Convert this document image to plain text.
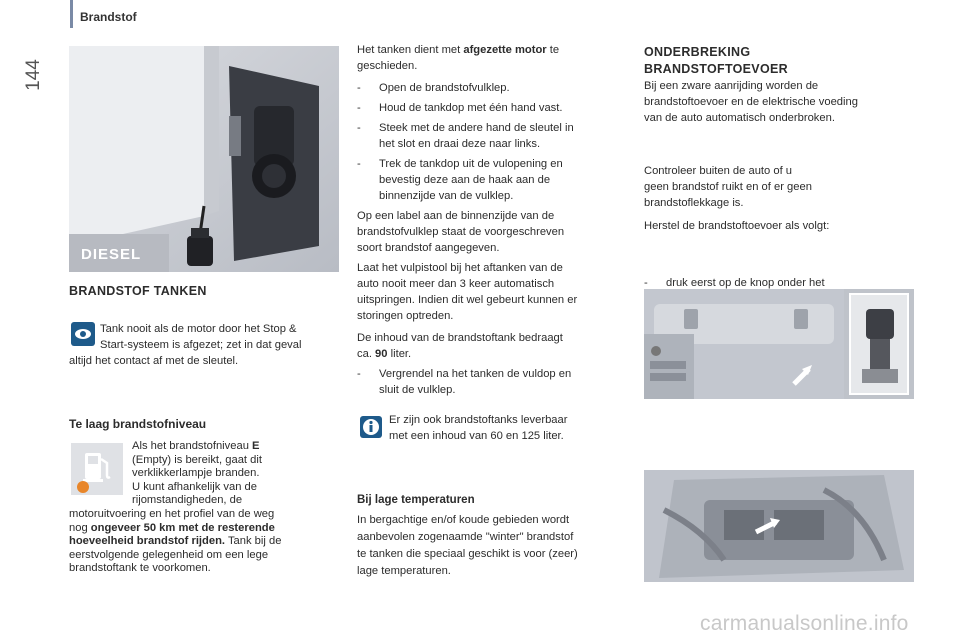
144
Brandstof
DIESEL
BRANDSTOF TANKEN
Tank nooit als de motor door het Stop &
Start-systeem is afgezet; zet in dat geval
altijd het contact af met de sleutel.
Te laag brandstofniveau
Als het brandstofniveau E
(Empty) is bereikt, gaat dit
verklikkerlampje branden.
U kunt afhankelijk van de
rijomstandigheden, de
motoruitvoering en het profiel van de weg
nog ongeveer 50 km met de resterende
hoeveelheid brandstof rijden. Tank bij de
eerstvolgende gelegenheid om een lege
brandstoftank te voorkomen.
Het tanken dient met afgezette motor te
geschieden.
- Open de brandstofvulklep.
- Houd de tankdop met één hand vast.
- Steek met de andere hand de sleutel in
het slot en draai deze naar links.
- Trek de tankdop uit de vulopening en
bevestig deze aan de haak aan de
binnenzijde van de vulklep.
Op een label aan de binnenzijde van de
brandstofvulklep staat de voorgeschreven
soort brandstof aangegeven.
Laat het vulpistool bij het aftanken van de
auto nooit meer dan 3 keer automatisch
uitspringen. Indien dit wel gebeurt kunnen er
storingen optreden.
De inhoud van de brandstoftank bedraagt
ca. 90 liter.
- Vergrendel na het tanken de vuldop en
sluit de vulklep.
Er zijn ook brandstoftanks leverbaar
met een inhoud van 60 en 125 liter.
Bij lage temperaturen
In bergachtige en/of koude gebieden wordt
aanbevolen zogenaamde "winter" brandstof
te tanken die speciaal geschikt is voor (zeer)
lage temperaturen.
ONDERBREKING
BRANDSTOFTOEVOER
Bij een zware aanrijding worden de
brandstoftoevoer en de elektrische voeding
van de auto automatisch onderbroken.
Controleer buiten de auto of u
geen brandstof ruikt en of er geen
brandstoflekkage is.
Herstel de brandstoftoevoer als volgt:
- druk eerst op de knop onder het

carmanualsonline.info
